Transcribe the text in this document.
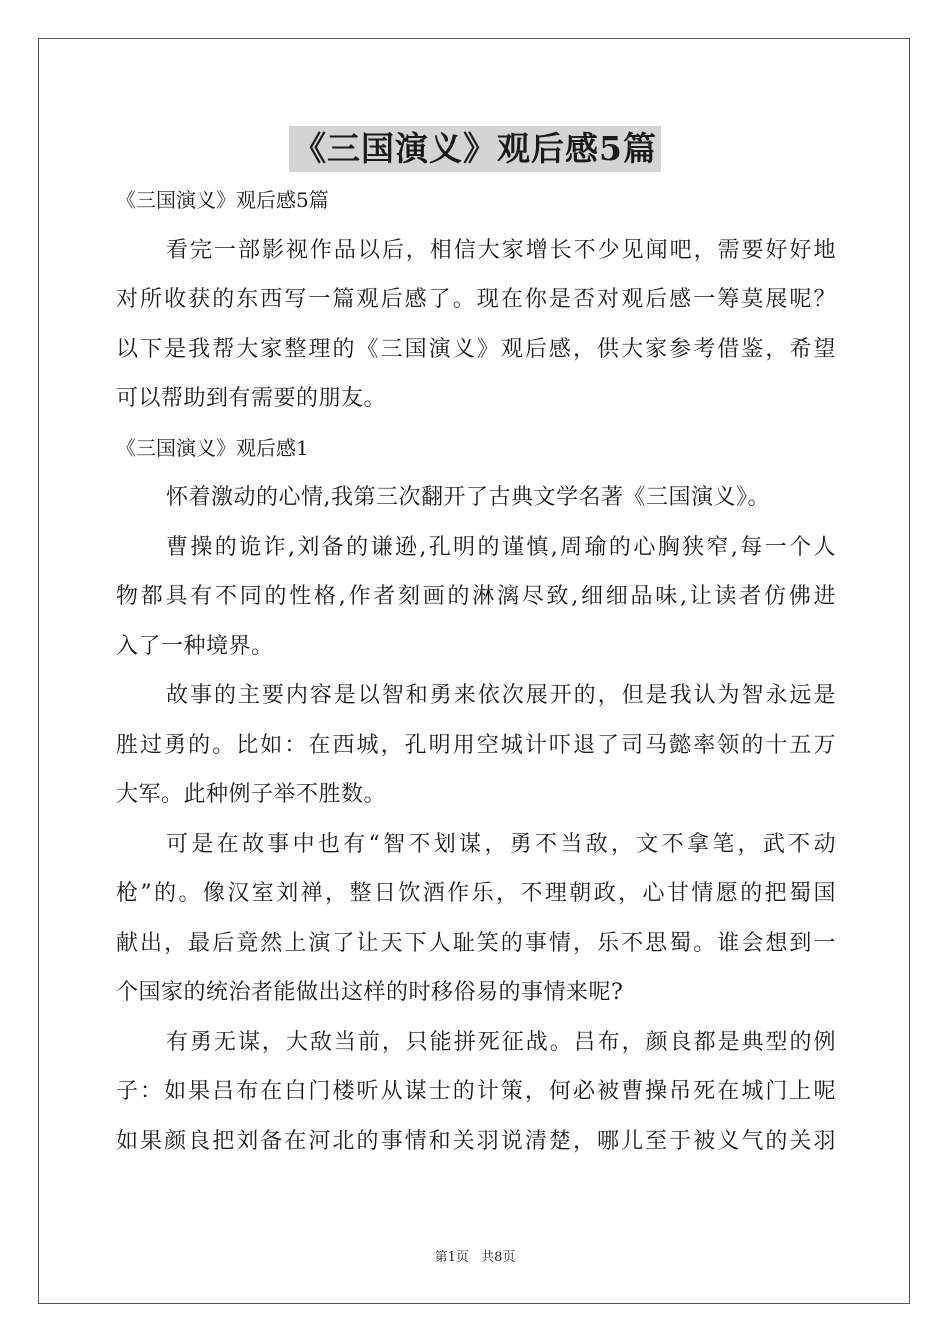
《三国演义》观后感5篇
《三国演义》观后感5篇
看完一部影视作品以后，相信大家增长不少见闻吧，需要好好地
对所收获的东西写一篇观后感了。现在你是否对观后感一筹莫展呢？
以下是我帮大家整理的《三国演义》观后感，供大家参考借鉴，希望
可以帮助到有需要的朋友。
《三国演义》观后感1
怀着激动的心情,我第三次翻开了古典文学名著《三国演义》。
曹操的诡诈,刘备的谦逊,孔明的谨慎,周瑜的心胸狭窄,每一个人
物都具有不同的性格,作者刻画的淋漓尽致,细细品味,让读者仿佛进
入了一种境界。
故事的主要内容是以智和勇来依次展开的，但是我认为智永远是
胜过勇的。比如：在西城，孔明用空城计吓退了司马懿率领的十五万
大军。此种例子举不胜数。
可是在故事中也有“智不划谋，勇不当敌，文不拿笔，武不动
枪”的。像汉室刘禅，整日饮酒作乐，不理朝政，心甘情愿的把蜀国
献出，最后竟然上演了让天下人耻笑的事情，乐不思蜀。谁会想到一
个国家的统治者能做出这样的时移俗易的事情来呢?
有勇无谋，大敌当前，只能拼死征战。吕布，颜良都是典型的例
子：如果吕布在白门楼听从谋士的计策，何必被曹操吊死在城门上呢
如果颜良把刘备在河北的事情和关羽说清楚，哪儿至于被义气的关羽
第1页 共8页
